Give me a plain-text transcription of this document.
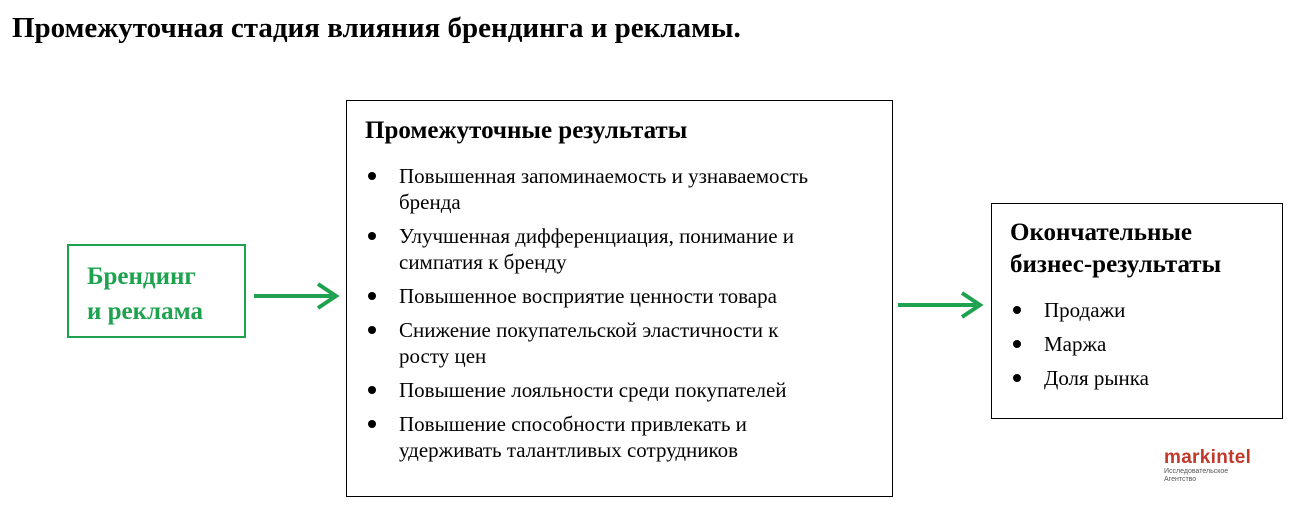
Промежуточная стадия влияния брендинга и рекламы.
Брендинг
и реклама
Промежуточные результаты
Повышенная запоминаемость и узнаваемость
бренда
Улучшенная дифференциация, понимание и
симпатия к бренду
Повышенное восприятие ценности товара
Снижение покупательской эластичности к
росту цен
Повышение лояльности среди покупателей
Повышение способности привлекать и
удерживать талантливых сотрудников
Окончательные
бизнес-результаты
Продажи
Маржа
Доля рынка
markintel
Исследовательское Агентство
